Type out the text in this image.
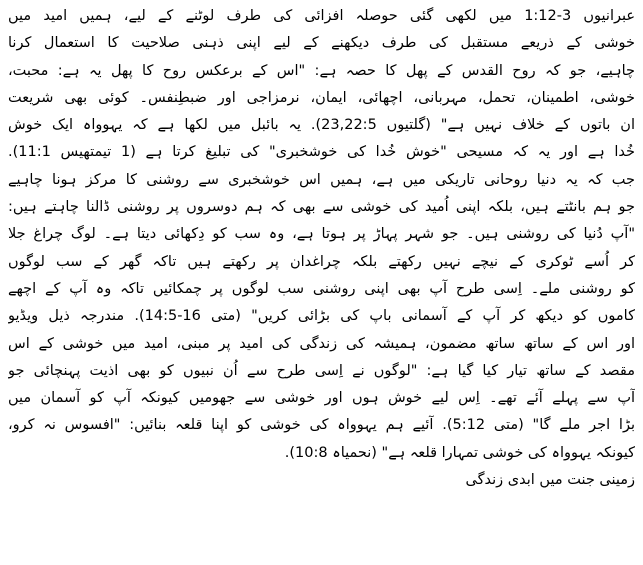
عبرانیوں 3-1:12 میں لکھی گئی حوصلہ افزائی کی طرف لوٹنے کے لیے، ہمیں امید میں
خوشی کے ذریعے مستقبل کی طرف دیکھنے کے لیے اپنی ذہنی صلاحیت کا استعمال کرنا
چاہیے، جو کہ روح القدس کے پھل کا حصہ ہے: "اس کے برعکس روح کا پھل یہ ہے: محبت،
خوشی، اطمینان، تحمل، مہربانی، اچھائی، ایمان، نرمزاجی اور ضبطِنفس۔ کوئی بھی شریعت
ان باتوں کے خلاف نہیں ہے" (گلتیوں 23,22:5). یہ بائبل میں لکھا ہے کہ یہوواہ ایک خوش
خُدا ہے اور یہ کہ مسیحی "خوش خُدا کی خوشخبری" کی تبلیغ کرتا ہے (1 تیمتھیس 11:1).
جب کہ یہ دنیا روحانی تاریکی میں ہے، ہمیں اس خوشخبری سے روشنی کا مرکز ہونا چاہیے
جو ہم بانٹتے ہیں، بلکہ اپنی اُمید کی خوشی سے بھی کہ ہم دوسروں پر روشنی ڈالنا چاہتے ہیں:
"آپ دُنیا کی روشنی ہیں۔ جو شہر پہاڑ پر ہوتا ہے، وہ سب کو دِکھائی دیتا ہے۔ لوگ چراغ جلا
کر اُسے ٹوکری کے نیچے نہیں رکھتے بلکہ چراغدان پر رکھتے ہیں تاکہ گھر کے سب لوگوں
کو روشنی ملے۔ اِسی طرح آپ بھی اپنی روشنی سب لوگوں پر چمکائیں تاکہ وہ آپ کے اچھے
کاموں کو دیکھ کر آپ کے آسمانی باپ کی بڑائی کریں" (متی 16-14:5). مندرجہ ذیل ویڈیو
اور اس کے ساتھ ساتھ مضمون، ہمیشہ کی زندگی کی امید پر مبنی، امید میں خوشی کے اس
مقصد کے ساتھ تیار کیا گیا ہے: "لوگوں نے اِسی طرح سے اُن نبیوں کو بھی اذیت پہنچائی جو
آپ سے پہلے آئے تھے۔ اِس لیے خوش ہوں اور خوشی سے جھومیں کیونکہ آپ کو آسمان میں
بڑا اجر ملے گا" (متی 5:12). آئیے ہم یہوواہ کی خوشی کو اپنا قلعہ بنائیں: "افسوس نہ کرو،
کیونکہ یہوواہ کی خوشی تمہارا قلعہ ہے" (نحمیاہ 10:8).
زمینی جنت میں ابدی زندگی
